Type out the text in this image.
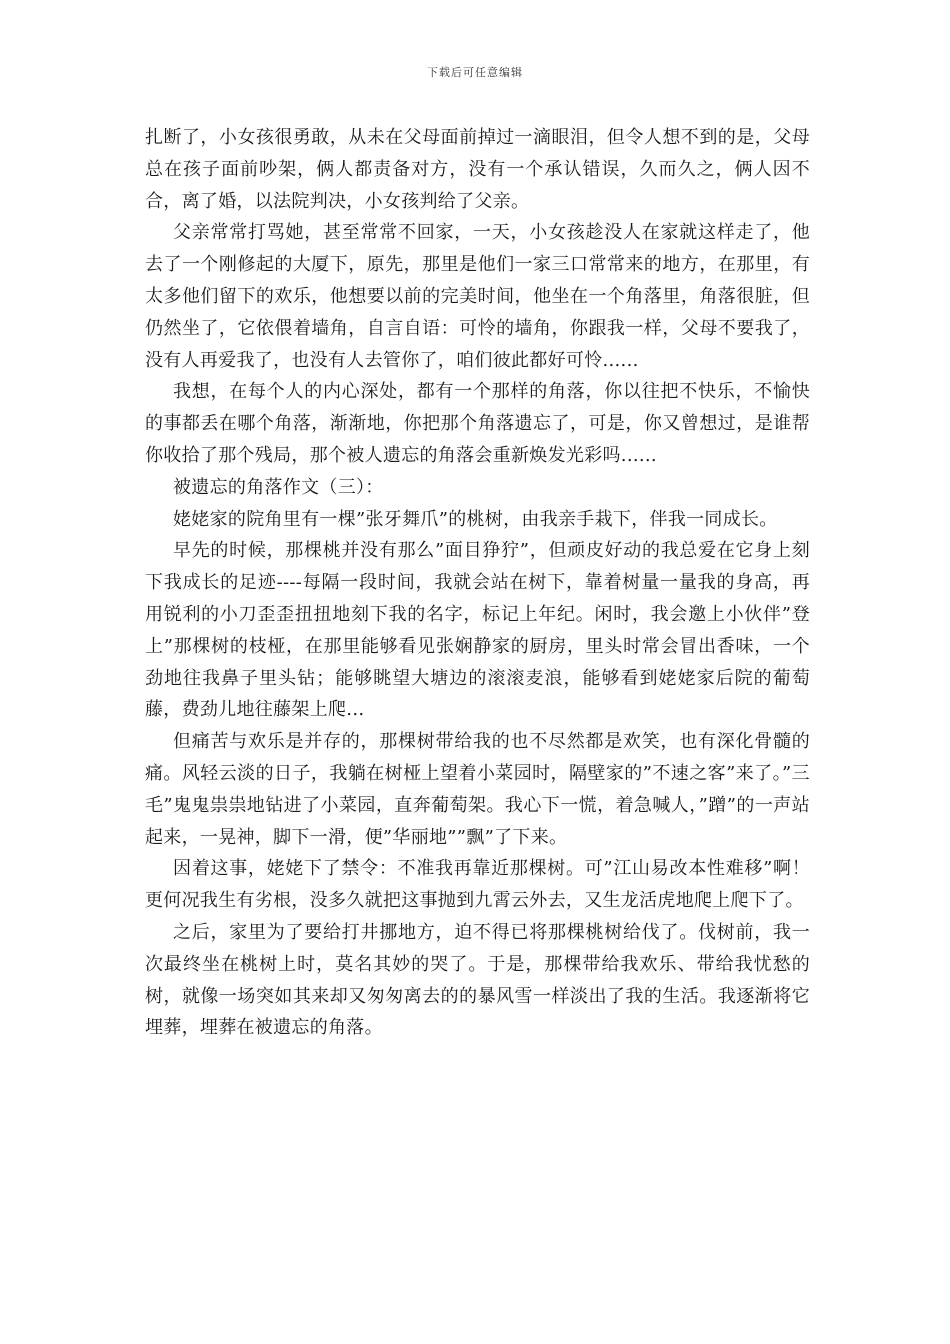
下载后可任意编辑

扎断了，小女孩很勇敢，从未在父母面前掉过一滴眼泪，但令人想不到的是，父母总在孩子面前吵架，俩人都责备对方，没有一个承认错误，久而久之，俩人因不合，离了婚，以法院判决，小女孩判给了父亲。

父亲常常打骂她，甚至常常不回家，一天，小女孩趁没人在家就这样走了，他去了一个刚修起的大厦下，原先，那里是他们一家三口常常来的地方，在那里，有太多他们留下的欢乐，他想要以前的完美时间，他坐在一个角落里，角落很脏，但仍然坐了，它依偎着墙角，自言自语：可怜的墙角，你跟我一样，父母不要我了，没有人再爱我了，也没有人去管你了，咱们彼此都好可怜......

我想，在每个人的内心深处，都有一个那样的角落，你以往把不快乐，不愉快的事都丢在哪个角落，渐渐地，你把那个角落遗忘了，可是，你又曾想过，是谁帮你收拾了那个残局，那个被人遗忘的角落会重新焕发光彩吗......

被遗忘的角落作文（三）：

姥姥家的院角里有一棵”张牙舞爪”的桃树，由我亲手栽下，伴我一同成长。

早先的时候，那棵桃并没有那么”面目狰狞”，但顽皮好动的我总爱在它身上刻下我成长的足迹----每隔一段时间，我就会站在树下，靠着树量一量我的身高，再用锐利的小刀歪歪扭扭地刻下我的名字，标记上年纪。闲时，我会邀上小伙伴”登上”那棵树的枝桠，在那里能够看见张娴静家的厨房，里头时常会冒出香味，一个劲地往我鼻子里头钻；能够眺望大塘边的滚滚麦浪，能够看到姥姥家后院的葡萄藤，费劲儿地往藤架上爬...

但痛苦与欢乐是并存的，那棵树带给我的也不尽然都是欢笑，也有深化骨髓的痛。风轻云淡的日子，我躺在树桠上望着小菜园时，隔壁家的”不速之客”来了。”三毛”鬼鬼祟祟地钻进了小菜园，直奔葡萄架。我心下一慌，着急喊人，”蹭”的一声站起来，一晃神，脚下一滑，便”华丽地””飘”了下来。

因着这事，姥姥下了禁令：不准我再靠近那棵树。可”江山易改本性难移”啊！更何况我生有劣根，没多久就把这事抛到九霄云外去，又生龙活虎地爬上爬下了。

之后，家里为了要给打井挪地方，迫不得已将那棵桃树给伐了。伐树前，我一次最终坐在桃树上时，莫名其妙的哭了。于是，那棵带给我欢乐、带给我忧愁的树，就像一场突如其来却又匆匆离去的的暴风雪一样淡出了我的生活。我逐渐将它埋葬，埋葬在被遗忘的角落。
